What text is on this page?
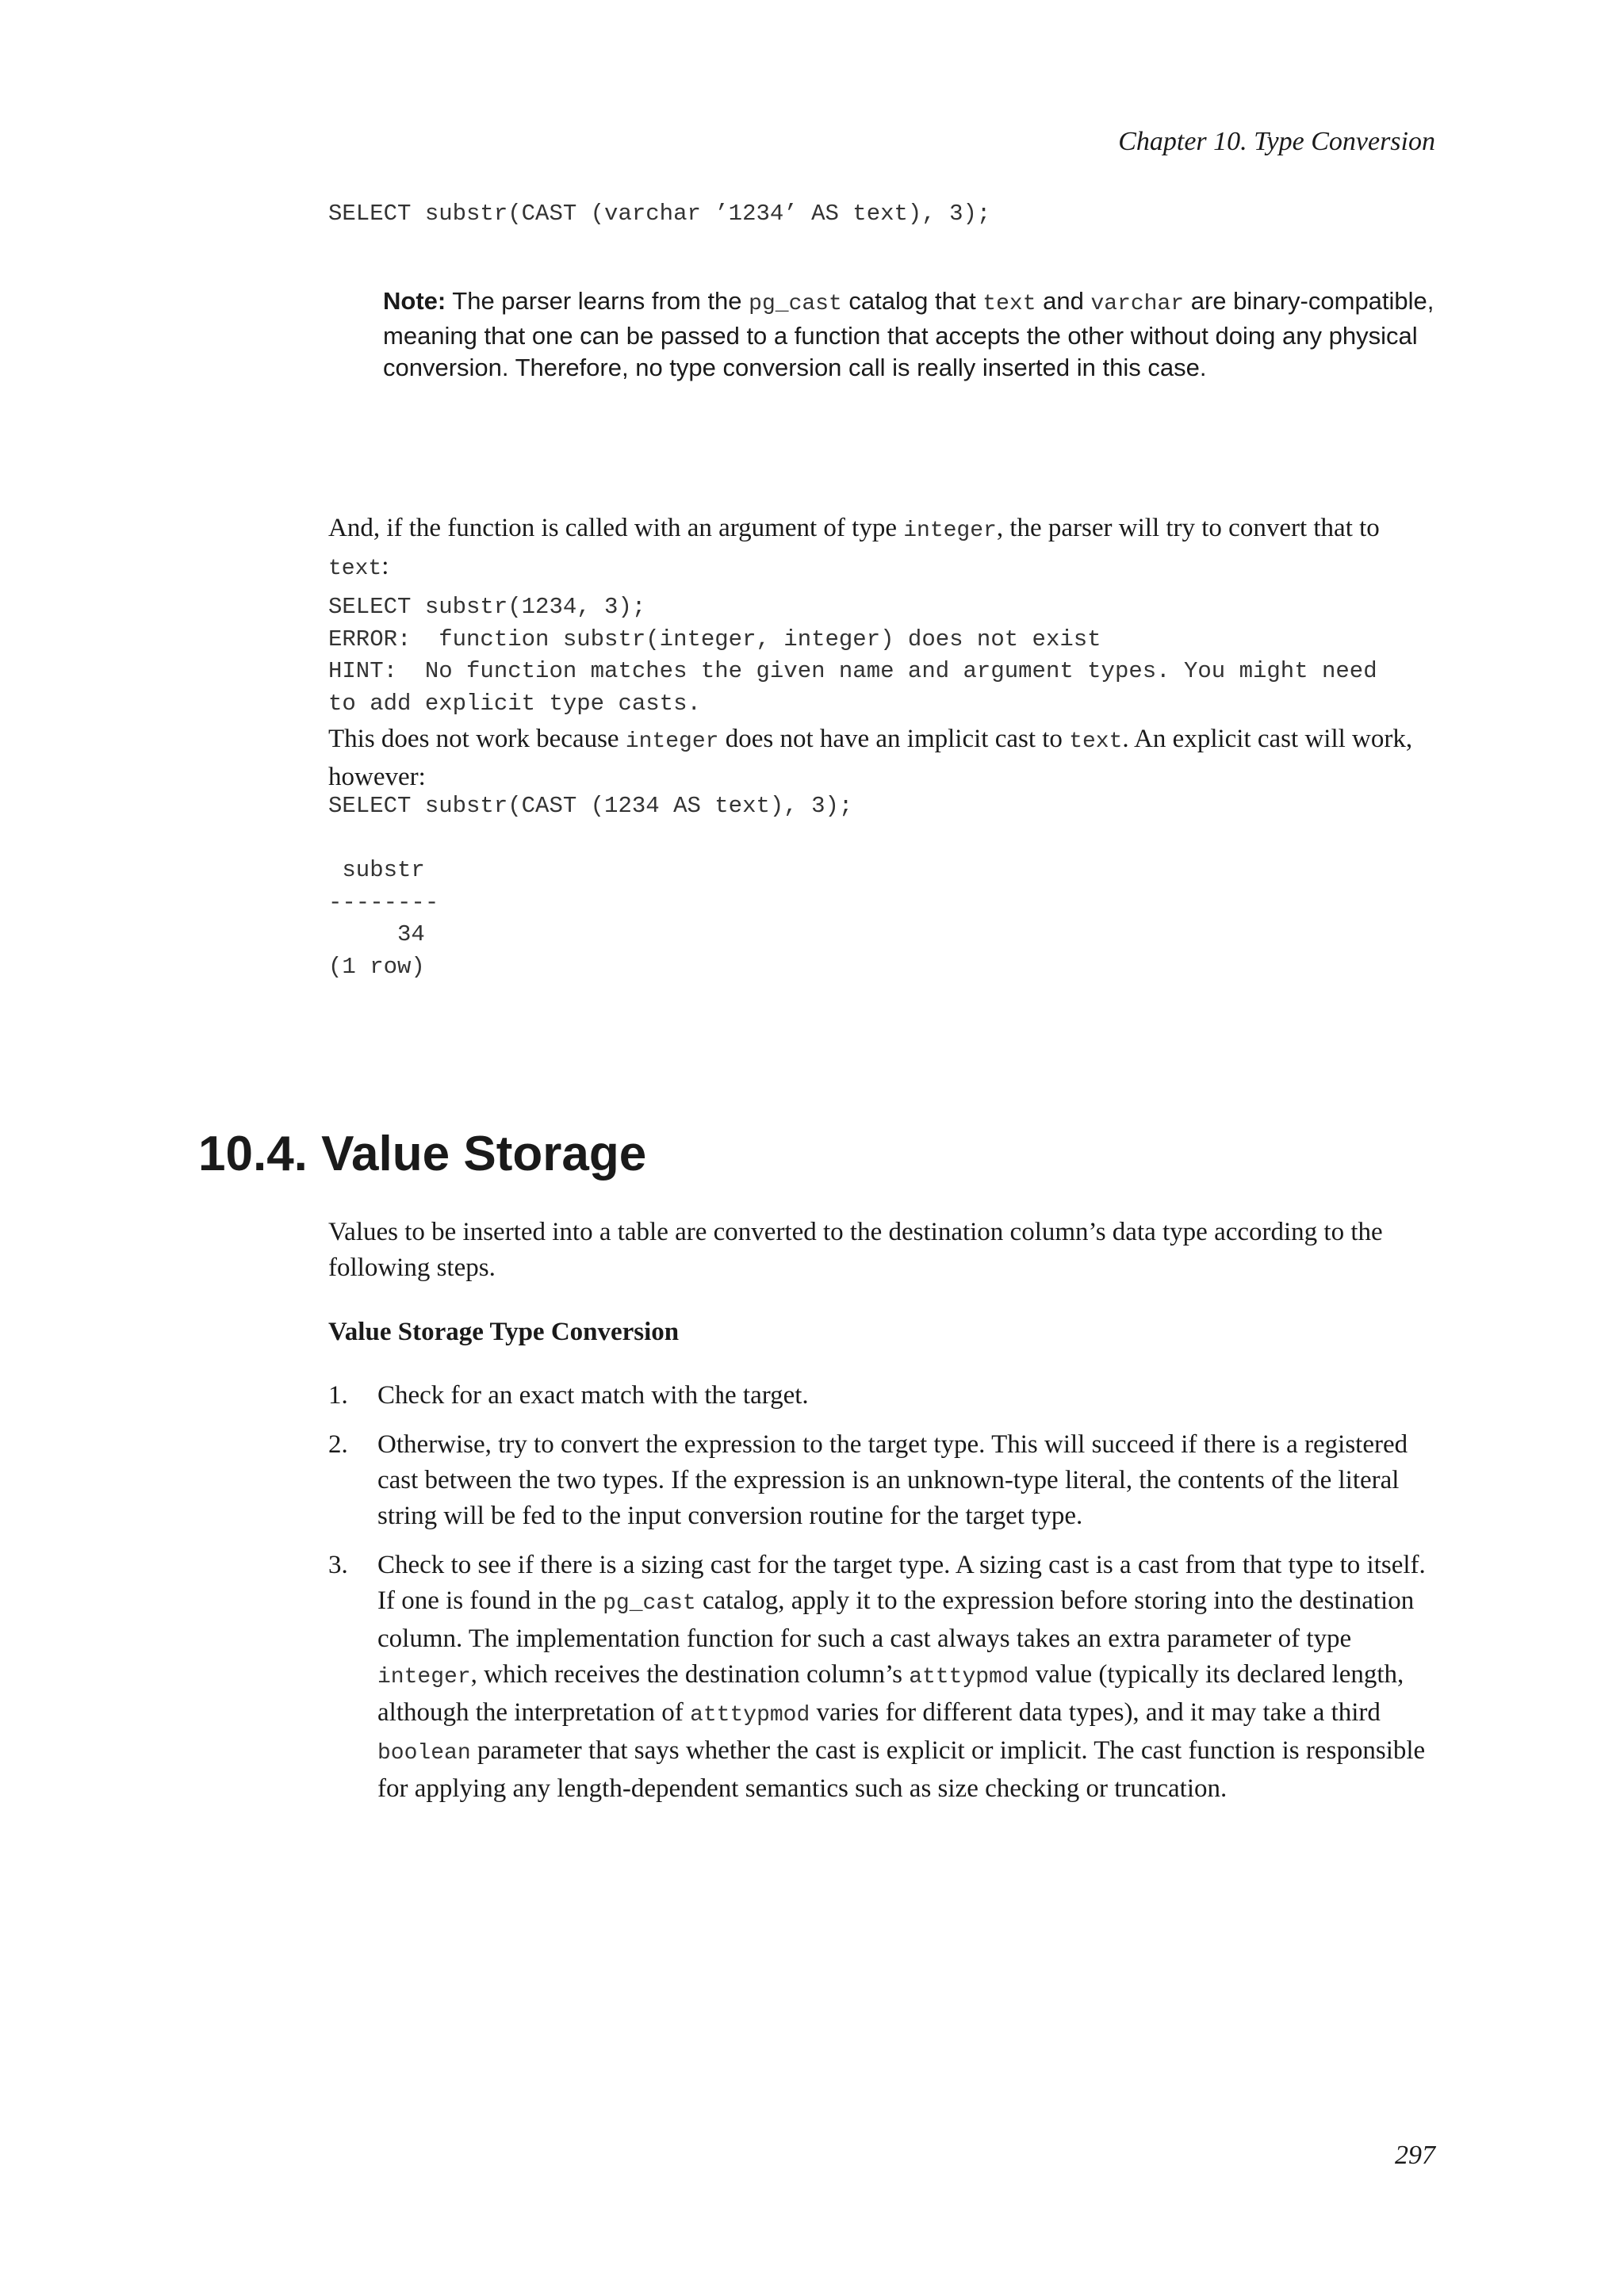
Chapter 10. Type Conversion
SELECT substr(CAST (varchar ’1234’ AS text), 3);

Note: The parser learns from the pg_cast catalog that text and varchar are binary-compatible, meaning that one can be passed to a function that accepts the other without doing any physical conversion. Therefore, no type conversion call is really inserted in this case.

And, if the function is called with an argument of type integer, the parser will try to convert that to text:

SELECT substr(1234, 3);
ERROR:  function substr(integer, integer) does not exist
HINT:  No function matches the given name and argument types. You might need
to add explicit type casts.

This does not work because integer does not have an implicit cast to text. An explicit cast will work, however:

SELECT substr(CAST (1234 AS text), 3);

substr
--------
34
(1 row)
10.4. Value Storage

Values to be inserted into a table are converted to the destination column’s data type according to the following steps.

Value Storage Type Conversion
1. Check for an exact match with the target.
2. Otherwise, try to convert the expression to the target type. This will succeed if there is a registered cast between the two types. If the expression is an unknown-type literal, the contents of the literal string will be fed to the input conversion routine for the target type.
3. Check to see if there is a sizing cast for the target type. A sizing cast is a cast from that type to itself. If one is found in the pg_cast catalog, apply it to the expression before storing into the destination column. The implementation function for such a cast always takes an extra parameter of type integer, which receives the destination column’s atttypmod value (typically its declared length, although the interpretation of atttypmod varies for different data types), and it may take a third boolean parameter that says whether the cast is explicit or implicit. The cast function is responsible for applying any length-dependent semantics such as size checking or truncation.
297
